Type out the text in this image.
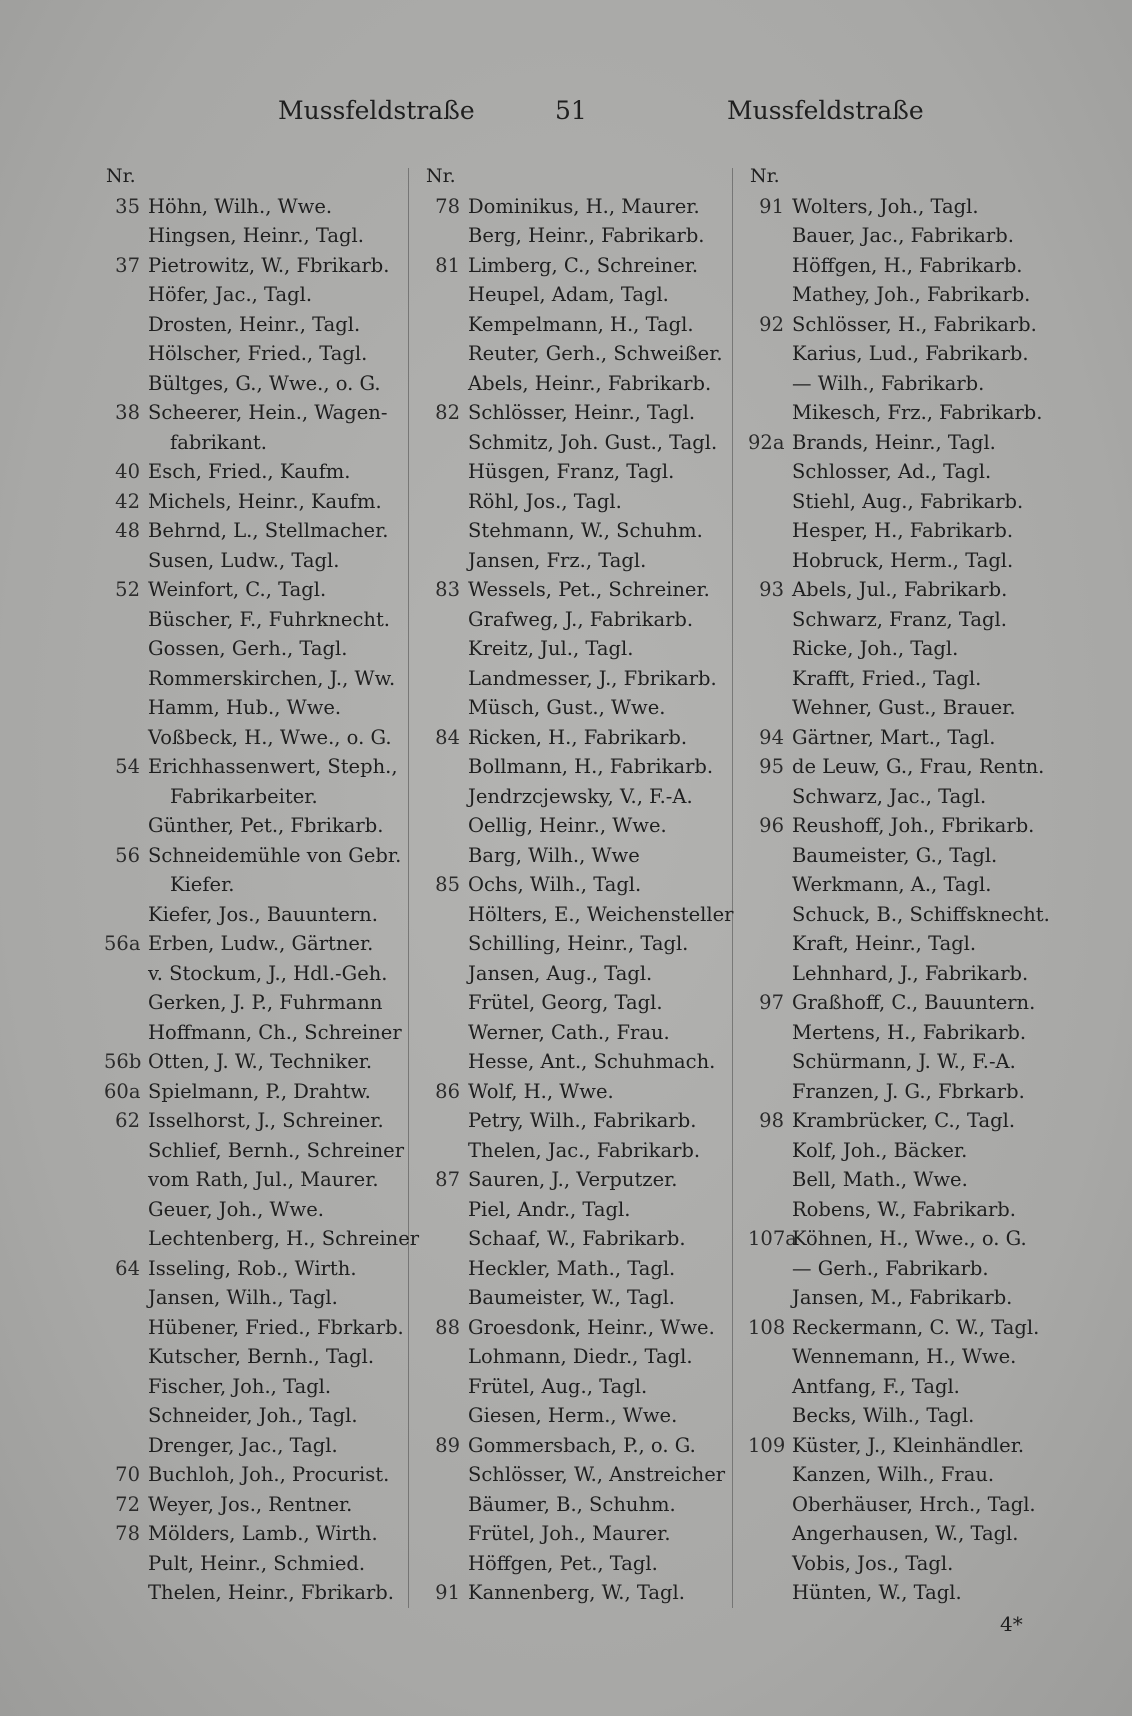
Mussfeldstraße	51	Mussfeldstraße
Nr.
35 Höhn, Wilh., Wwe.
Hingsen, Heinr., Tagl.
37 Pietrowitz, W., Fbrikarb.
Höfer, Jac., Tagl.
Drosten, Heinr., Tagl.
Hölscher, Fried., Tagl.
Bültges, G., Wwe., o. G.
38 Scheerer, Hein., Wagen-
fabrikant.
40 Esch, Fried., Kaufm.
42 Michels, Heinr., Kaufm.
48 Behrnd, L., Stellmacher.
Susen, Ludw., Tagl.
52 Weinfort, C., Tagl.
Büscher, F., Fuhrknecht.
Gossen, Gerh., Tagl.
Rommerskirchen, J., Ww.
Hamm, Hub., Wwe.
Voßbeck, H., Wwe., o. G.
54 Erichhassenwert, Steph.,
Fabrikarbeiter.
Günther, Pet., Fbrikarb.
56 Schneidemühle von Gebr.
Kiefer.
Kiefer, Jos., Bauuntern.
56a Erben, Ludw., Gärtner.
v. Stockum, J., Hdl.-Geh.
Gerken, J. P., Fuhrmann
Hoffmann, Ch., Schreiner
56b Otten, J. W., Techniker.
60a Spielmann, P., Drahtw.
62 Isselhorst, J., Schreiner.
Schlief, Bernh., Schreiner
vom Rath, Jul., Maurer.
Geuer, Joh., Wwe.
Lechtenberg, H., Schreiner
64 Isseling, Rob., Wirth.
Jansen, Wilh., Tagl.
Hübener, Fried., Fbrkarb.
Kutscher, Bernh., Tagl.
Fischer, Joh., Tagl.
Schneider, Joh., Tagl.
Drenger, Jac., Tagl.
70 Buchloh, Joh., Procurist.
72 Weyer, Jos., Rentner.
78 Mölders, Lamb., Wirth.
Pult, Heinr., Schmied.
Thelen, Heinr., Fbrikarb.
Nr.
78 Dominikus, H., Maurer.
Berg, Heinr., Fabrikarb.
81 Limberg, C., Schreiner.
Heupel, Adam, Tagl.
Kempelmann, H., Tagl.
Reuter, Gerh., Schweißer.
Abels, Heinr., Fabrikarb.
82 Schlösser, Heinr., Tagl.
Schmitz, Joh. Gust., Tagl.
Hüsgen, Franz, Tagl.
Röhl, Jos., Tagl.
Stehmann, W., Schuhm.
Jansen, Frz., Tagl.
83 Wessels, Pet., Schreiner.
Grafweg, J., Fabrikarb.
Kreitz, Jul., Tagl.
Landmesser, J., Fbrikarb.
Müsch, Gust., Wwe.
84 Ricken, H., Fabrikarb.
Bollmann, H., Fabrikarb.
Jendrzcjewsky, V., F.-A.
Oellig, Heinr., Wwe.
Barg, Wilh., Wwe
85 Ochs, Wilh., Tagl.
Hölters, E., Weichensteller
Schilling, Heinr., Tagl.
Jansen, Aug., Tagl.
Frütel, Georg, Tagl.
Werner, Cath., Frau.
Hesse, Ant., Schuhmach.
86 Wolf, H., Wwe.
Petry, Wilh., Fabrikarb.
Thelen, Jac., Fabrikarb.
87 Sauren, J., Verputzer.
Piel, Andr., Tagl.
Schaaf, W., Fabrikarb.
Heckler, Math., Tagl.
Baumeister, W., Tagl.
88 Groesdonk, Heinr., Wwe.
Lohmann, Diedr., Tagl.
Frütel, Aug., Tagl.
Giesen, Herm., Wwe.
89 Gommersbach, P., o. G.
Schlösser, W., Anstreicher
Bäumer, B., Schuhm.
Frütel, Joh., Maurer.
Höffgen, Pet., Tagl.
91 Kannenberg, W., Tagl.
Nr.
91 Wolters, Joh., Tagl.
Bauer, Jac., Fabrikarb.
Höffgen, H., Fabrikarb.
Mathey, Joh., Fabrikarb.
92 Schlösser, H., Fabrikarb.
Karius, Lud., Fabrikarb.
— Wilh., Fabrikarb.
Mikesch, Frz., Fabrikarb.
92a Brands, Heinr., Tagl.
Schlosser, Ad., Tagl.
Stiehl, Aug., Fabrikarb.
Hesper, H., Fabrikarb.
Hobruck, Herm., Tagl.
93 Abels, Jul., Fabrikarb.
Schwarz, Franz, Tagl.
Ricke, Joh., Tagl.
Krafft, Fried., Tagl.
Wehner, Gust., Brauer.
94 Gärtner, Mart., Tagl.
95 de Leuw, G., Frau, Rentn.
Schwarz, Jac., Tagl.
96 Reushoff, Joh., Fbrikarb.
Baumeister, G., Tagl.
Werkmann, A., Tagl.
Schuck, B., Schiffsknecht.
Kraft, Heinr., Tagl.
Lehnhard, J., Fabrikarb.
97 Graßhoff, C., Bauuntern.
Mertens, H., Fabrikarb.
Schürmann, J. W., F.-A.
Franzen, J. G., Fbrkarb.
98 Krambrücker, C., Tagl.
Kolf, Joh., Bäcker.
Bell, Math., Wwe.
Robens, W., Fabrikarb.
107a
Köhnen, H., Wwe., o. G.
— Gerh., Fabrikarb.
Jansen, M., Fabrikarb.
108 Reckermann, C. W., Tagl.
Wennemann, H., Wwe.
Antfang, F., Tagl.
Becks, Wilh., Tagl.
109 Küster, J., Kleinhändler.
Kanzen, Wilh., Frau.
Oberhäuser, Hrch., Tagl.
Angerhausen, W., Tagl.
Vobis, Jos., Tagl.
Hünten, W., Tagl.
4*
